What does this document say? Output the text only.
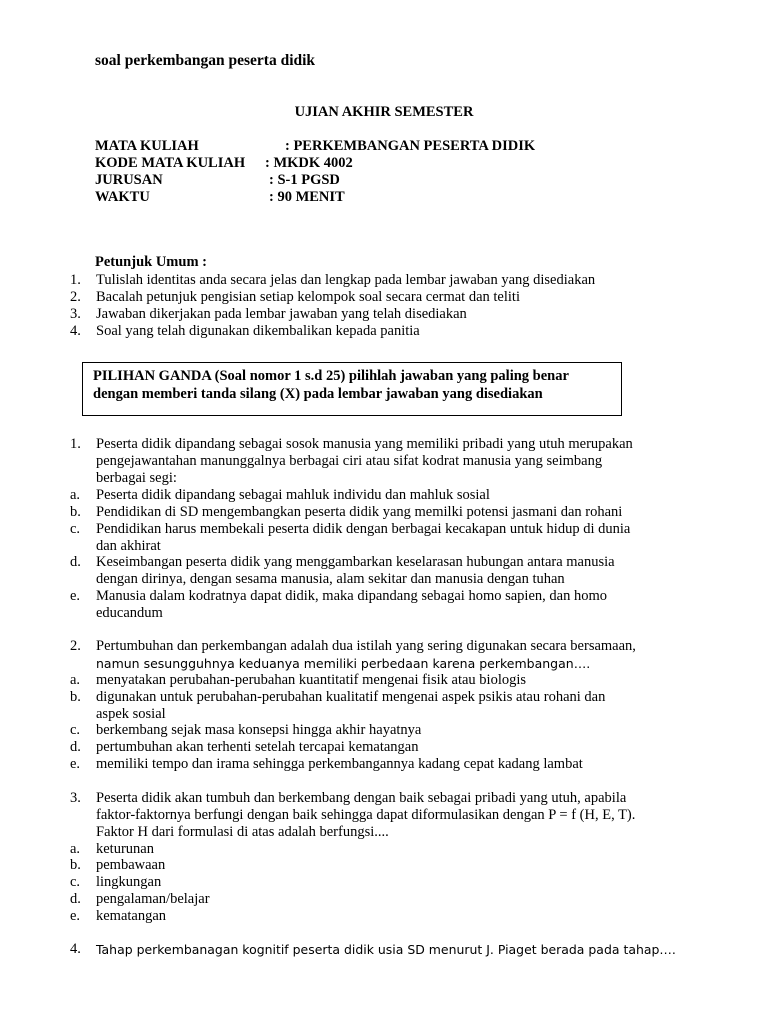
soal perkembangan peserta didik
UJIAN AKHIR SEMESTER
MATA KULIAH	: PERKEMBANGAN PESERTA DIDIK
KODE MATA KULIAH : MKDK 4002
JURUSAN	: S-1 PGSD
WAKTU	: 90 MENIT
Petunjuk Umum :
1. Tulislah identitas anda secara jelas dan lengkap pada lembar jawaban yang disediakan
2. Bacalah petunjuk pengisian setiap kelompok soal secara cermat dan teliti
3. Jawaban dikerjakan pada lembar jawaban yang telah disediakan
4. Soal yang telah digunakan dikembalikan kepada panitia
PILIHAN GANDA (Soal nomor 1 s.d 25) pilihlah jawaban yang paling benar
dengan memberi tanda silang (X) pada lembar jawaban yang disediakan
1. Peserta didik dipandang sebagai sosok manusia yang memiliki pribadi yang utuh merupakan
pengejawantahan manunggalnya berbagai ciri atau sifat kodrat manusia yang seimbang
berbagai segi:
a. Peserta didik dipandang sebagai mahluk individu dan mahluk sosial
b. Pendidikan di SD mengembangkan peserta didik yang memilki potensi jasmani dan rohani
c. Pendidikan harus membekali peserta didik dengan berbagai kecakapan untuk hidup di dunia
dan akhirat
d. Keseimbangan peserta didik yang menggambarkan keselarasan hubungan antara manusia
dengan dirinya, dengan sesama manusia, alam sekitar dan manusia dengan tuhan
e. Manusia dalam kodratnya dapat didik, maka dipandang sebagai homo sapien, dan homo
educandum
2. Pertumbuhan dan perkembangan adalah dua istilah yang sering digunakan secara bersamaan,
namun sesungguhnya keduanya memiliki perbedaan karena perkembangan….
a. menyatakan perubahan-perubahan kuantitatif mengenai fisik atau biologis
b. digunakan untuk perubahan-perubahan kualitatif mengenai aspek psikis atau rohani dan
aspek sosial
c. berkembang sejak masa konsepsi hingga akhir hayatnya
d. pertumbuhan akan terhenti setelah tercapai kematangan
e. memiliki tempo dan irama sehingga perkembangannya kadang cepat kadang lambat
3. Peserta didik akan tumbuh dan berkembang dengan baik sebagai pribadi yang utuh, apabila
faktor-faktornya berfungi dengan baik sehingga dapat diformulasikan dengan P = f (H, E, T).
Faktor H dari formulasi di atas adalah berfungsi....
a. keturunan
b. pembawaan
c. lingkungan
d. pengalaman/belajar
e. kematangan
4. Tahap perkembanagan kognitif peserta didik usia SD menurut J. Piaget berada pada tahap….
